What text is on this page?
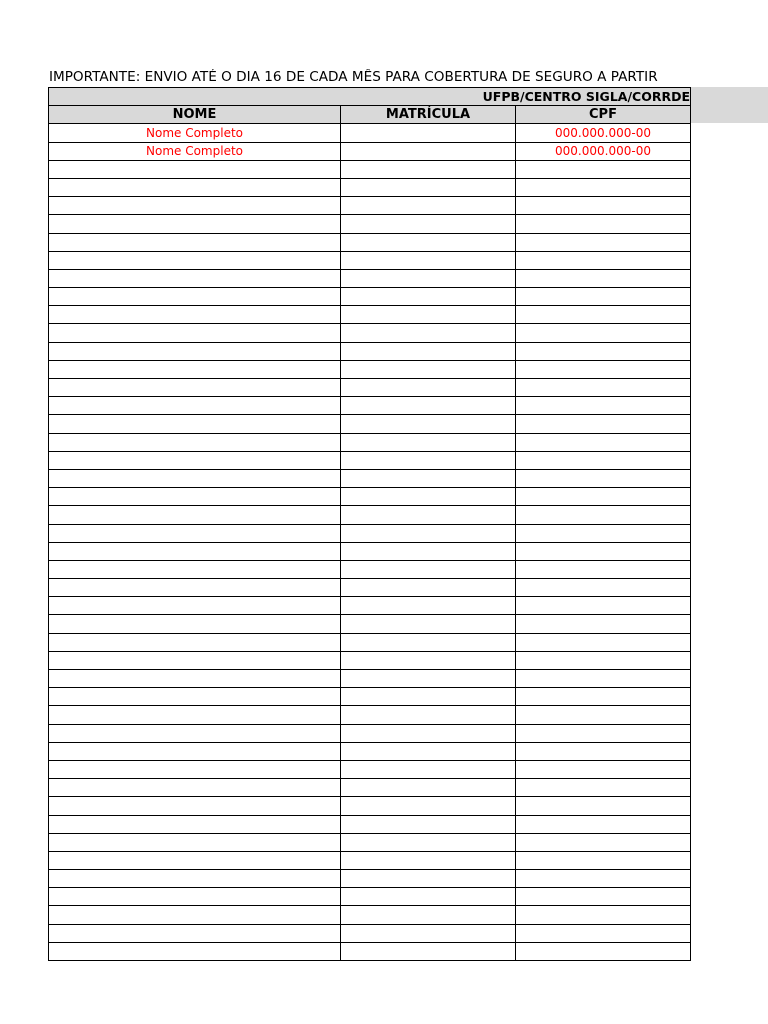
IMPORTANTE: ENVIO ATÉ O DIA 16 DE CADA MÊS PARA COBERTURA DE SEGURO A PARTIR
UFPB/CENTRO SIGLA/CORRDE		
NOME	MATRÍCULA	CPF
Nome Completo		000.000.000-00
Nome Completo		000.000.000-00
